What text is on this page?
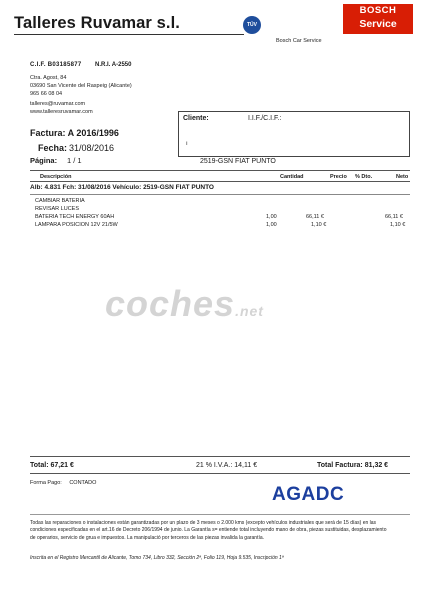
Talleres Ruvamar s.l.	TÜV
BOSCH
Service
Bosch Car Service
C.I.F. B03185877 N.R.I. A-2550
Ctra. Agost, 84
03690 San Vicente del Raspeig (Alicante)
965 66 08 04
talleres@ruvamar.com
www.talleresruvamar.com
Cliente:	I.I.F./C.I.F.:
ı
Factura: A 2016/1996
Fecha: 31/08/2016
Página: 1 / 1	2519-GSN FIAT PUNTO
Descripción	Cantidad	Precio % Dto.	Neto
Alb: 4.831 Fch: 31/08/2016 Vehículo: 2519-GSN FIAT PUNTO
CAMBIAR BATERIA
REVISAR LUCES
BATERIA TECH ENERGY 60AH	1,00	66,11 €	66,11 €
LAMPARA POSICION 12V 21/5W	1,00	1,10 €	1,10 €
coches.net
Total: 67,21 €	21 % I.V.A.: 14,11 €	Total Factura: 81,32 €
Forma Pago: CONTADO
AGADC
Todas las reparaciones o instalaciones están garantizadas por un plazo de 3 meses o 2.000 kms (excepto vehículos industriales que será de 15 días) en las condiciones especificadas en el art.16 de Decreto 206/1994 de junio. La Garantía s= entiende total incluyendo mano de obra, piezas sustituidas, desplazamiento de operarios, servicio de grua e impuestos. La manipulació por terceros de las piezas invalida la garantía.
Inscrita en el Registro Mercantil de Alicante, Tomo 734, Libro 332, Sección 2ª, Folio 119, Hoja 9.535, Inscripción 1ª
